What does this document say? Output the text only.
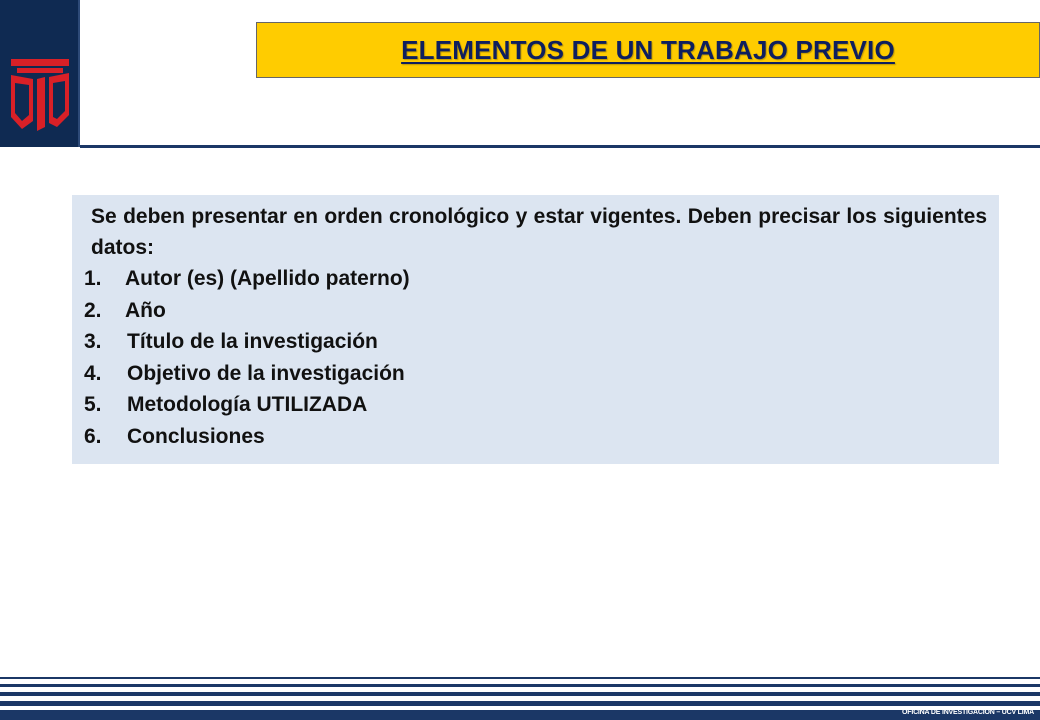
ELEMENTOS DE UN TRABAJO PREVIO

Se deben presentar en orden cronológico y estar vigentes. Deben precisar los siguientes datos:

1. Autor (es) (Apellido paterno)
2. Año
3. Título de la investigación
4. Objetivo de la investigación
5. Metodología UTILIZADA
6. Conclusiones
OFICINA DE INVESTIGACION – UCV LIMA
